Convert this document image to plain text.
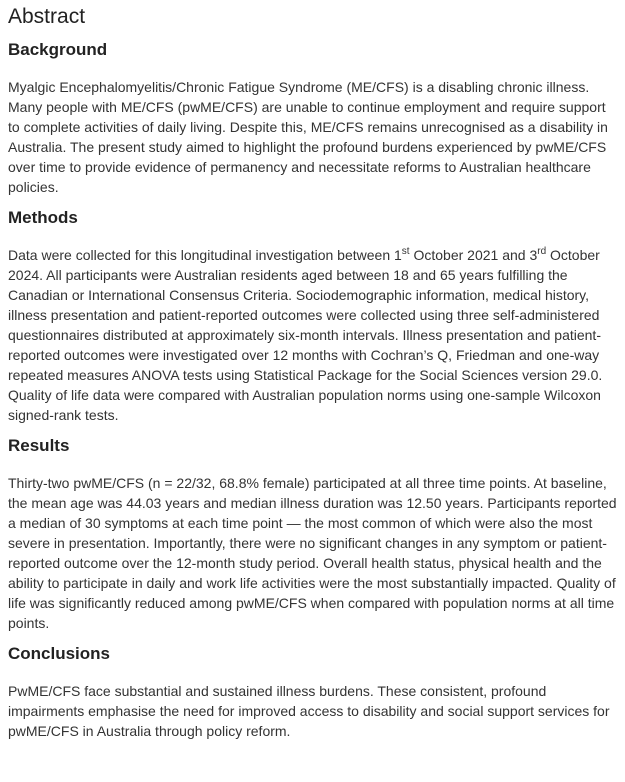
Abstract
Background

Myalgic Encephalomyelitis/Chronic Fatigue Syndrome (ME/CFS) is a disabling chronic illness. Many people with ME/CFS (pwME/CFS) are unable to continue employment and require support to complete activities of daily living. Despite this, ME/CFS remains unrecognised as a disability in Australia. The present study aimed to highlight the profound burdens experienced by pwME/CFS over time to provide evidence of permanency and necessitate reforms to Australian healthcare policies.

Methods

Data were collected for this longitudinal investigation between 1st October 2021 and 3rd October 2024. All participants were Australian residents aged between 18 and 65 years fulfilling the Canadian or International Consensus Criteria. Sociodemographic information, medical history, illness presentation and patient-reported outcomes were collected using three self-administered questionnaires distributed at approximately six-month intervals. Illness presentation and patient-reported outcomes were investigated over 12 months with Cochran’s Q, Friedman and one-way repeated measures ANOVA tests using Statistical Package for the Social Sciences version 29.0. Quality of life data were compared with Australian population norms using one-sample Wilcoxon signed-rank tests.

Results

Thirty-two pwME/CFS (n = 22/32, 68.8% female) participated at all three time points. At baseline, the mean age was 44.03 years and median illness duration was 12.50 years. Participants reported a median of 30 symptoms at each time point — the most common of which were also the most severe in presentation. Importantly, there were no significant changes in any symptom or patient-reported outcome over the 12-month study period. Overall health status, physical health and the ability to participate in daily and work life activities were the most substantially impacted. Quality of life was significantly reduced among pwME/CFS when compared with population norms at all time points.

Conclusions

PwME/CFS face substantial and sustained illness burdens. These consistent, profound impairments emphasise the need for improved access to disability and social support services for pwME/CFS in Australia through policy reform.
